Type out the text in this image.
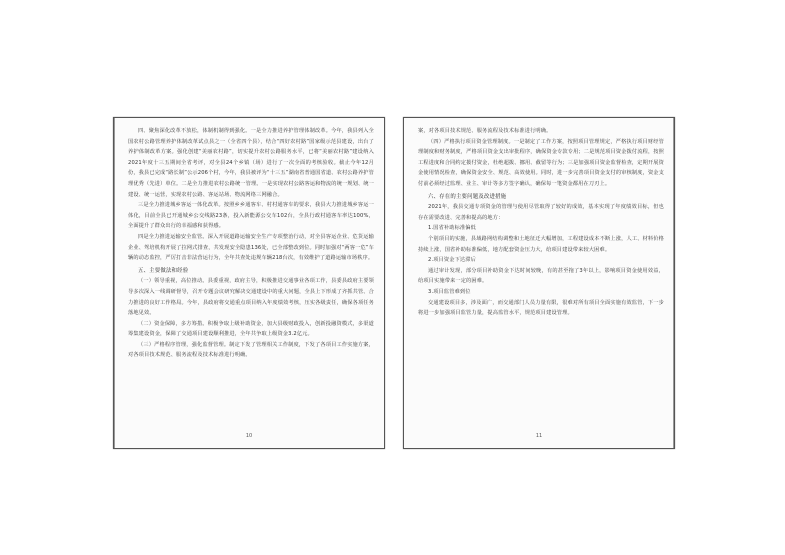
四、聚焦深化改革不放松，体制机制得到强化。一是全力推进养护管理体制改革。今年，我县列入全国农村公路管理养护体制改革试点县之一（全省四个县），结合“四好农村路”国家级示范县建设，出台了养护体制改革方案。强化创建“美丽农村路”，切实提升农村公路服务水平，已将“美丽农村路”建设纳入2021年度十三五期间全省考评，对全县24个乡镇（场）进行了一次全面的考核验收。截止今年12月份，我县已完成“路长制”公示206个村，今年，我县被评为“十三五”湖南省普通国省道、农村公路养护管理优秀（先进）单位。二是全力推进农村公路统一管理。一是实现农村公路客运和物流的统一规划、统一建设、统一运营，实现农村公路、客运站场、物流网络三网融合。

三是全力推进城乡客运一体化改革。按照乡乡通客车、村村通客车的要求，我县大力推进城乡客运一体化，目前全县已开通城乡公交线路23条，投入新能源公交车102台，全县行政村通客车率达100%，全面提升了群众出行的幸福感和获得感。

四是全力推进运输安全监管。深入开展道路运输安全生产专项整治行动，对全县客运企业、危货运输企业、驾培机构开展了拉网式排查，共发现安全隐患136处，已全部整改到位。同时加强对“两客一危”车辆的动态监控，严厉打击非法营运行为，全年共查处违规车辆218台次，有效维护了道路运输市场秩序。

五、主要做法和经验

（一）领导重视，高位推动。县委重视，政府主导，积极推进交通事业各项工作，县委县政府主要领导多次深入一线调研督导，召开专题会议研究解决交通建设中的重大问题，全县上下形成了齐抓共管、合力推进的良好工作格局。今年，县政府将交通重点项目纳入年度绩效考核，压实各级责任，确保各项任务落地见效。

（二）资金保障，多方筹措。积极争取上级补助资金，加大县级财政投入，创新投融资模式，多渠道筹集建设资金，保障了交通项目建设顺利推进，全年共争取上级资金3.2亿元。

（三）严格程序管理，强化监督管理。制定下发了管理相关工作制度，下发了各项目工作实施方案，对各项目技术规范、服务流程及技术标准进行明确。

10

案，对各项目技术规范、服务流程及技术标准进行明确。

（四）严格执行项目资金管理制度。一是制定了工作方案，按照项目管理规定，严格执行项目财经管理制度和财务制度，严格项目资金支出审批程序，确保资金专款专用；二是规范项目资金拨付流程，按照工程进度和合同约定拨付资金，杜绝超拨、挪用、截留等行为；三是加强项目资金监督检查，定期开展资金使用情况检查，确保资金安全、规范、高效使用。同时，进一步完善项目资金支付的审核制度，资金支付前必须经过监理、业主、审计等多方签字确认，确保每一笔资金都用在刀刃上。

六、存在的主要问题及改进措施

2021年，我县交通专项资金的管理与使用尽管取得了较好的成效，基本实现了年度绩效目标，但也存在需要改进、完善和提高的地方：

1.国省补助标准偏低

个别项目的实施，县域路网结构调整和土地征迁大幅增加，工程建设成本不断上涨，人工、材料价格持续上涨，国省补助标准偏低，地方配套资金压力大，给项目建设带来较大困难。

2.项目资金下达滞后

通过审计发现，部分项目补助资金下达时间较晚，有的甚至拖了3年以上，影响项目资金使用效益，给项目实施带来一定的困难。

3.项目监管难到位

交通建设项目多，涉及面广，而交通部门人员力量有限，很难对所有项目全面实施有效监管，下一步将进一步加强项目监管力量，提高监管水平，规范项目建设管理。

11
